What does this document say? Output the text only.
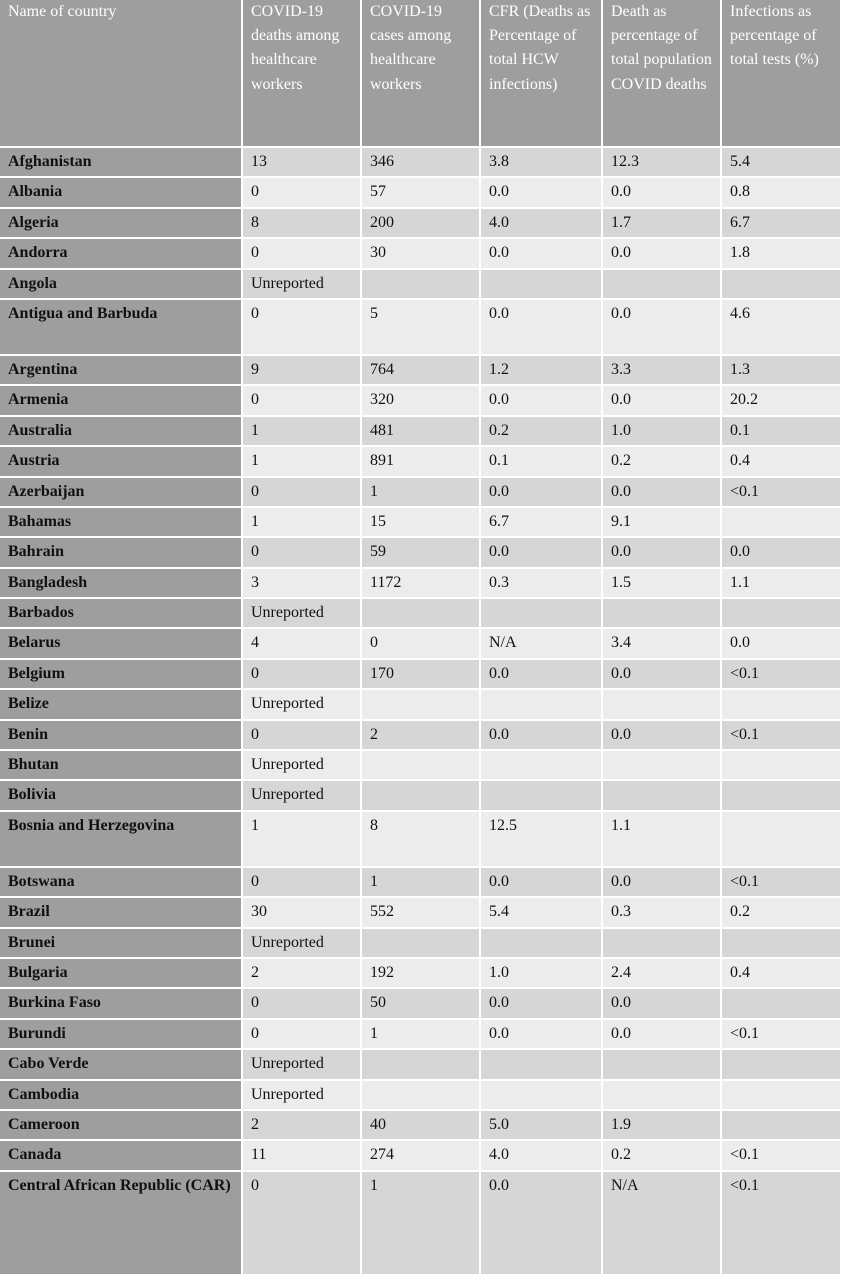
Name of country	COVID-19 deaths among healthcare workers	COVID-19 cases among healthcare workers	CFR (Deaths as Percentage of total HCW infections)	Death as percentage of total population COVID deaths	Infections as percentage of total tests (%)
Afghanistan	13	346	3.8	12.3	5.4
Albania	0	57	0.0	0.0	0.8
Algeria	8	200	4.0	1.7	6.7
Andorra	0	30	0.0	0.0	1.8
Angola	Unreported				
Antigua and Barbuda	0	5	0.0	0.0	4.6
Argentina	9	764	1.2	3.3	1.3
Armenia	0	320	0.0	0.0	20.2
Australia	1	481	0.2	1.0	0.1
Austria	1	891	0.1	0.2	0.4
Azerbaijan	0	1	0.0	0.0	<0.1
Bahamas	1	15	6.7	9.1	
Bahrain	0	59	0.0	0.0	0.0
Bangladesh	3	1172	0.3	1.5	1.1
Barbados	Unreported				
Belarus	4	0	N/A	3.4	0.0
Belgium	0	170	0.0	0.0	<0.1
Belize	Unreported				
Benin	0	2	0.0	0.0	<0.1
Bhutan	Unreported				
Bolivia	Unreported				
Bosnia and Herzegovina	1	8	12.5	1.1	
Botswana	0	1	0.0	0.0	<0.1
Brazil	30	552	5.4	0.3	0.2
Brunei	Unreported				
Bulgaria	2	192	1.0	2.4	0.4
Burkina Faso	0	50	0.0	0.0	
Burundi	0	1	0.0	0.0	<0.1
Cabo Verde	Unreported				
Cambodia	Unreported				
Cameroon	2	40	5.0	1.9	
Canada	11	274	4.0	0.2	<0.1
Central African Republic (CAR)	0	1	0.0	N/A	<0.1
